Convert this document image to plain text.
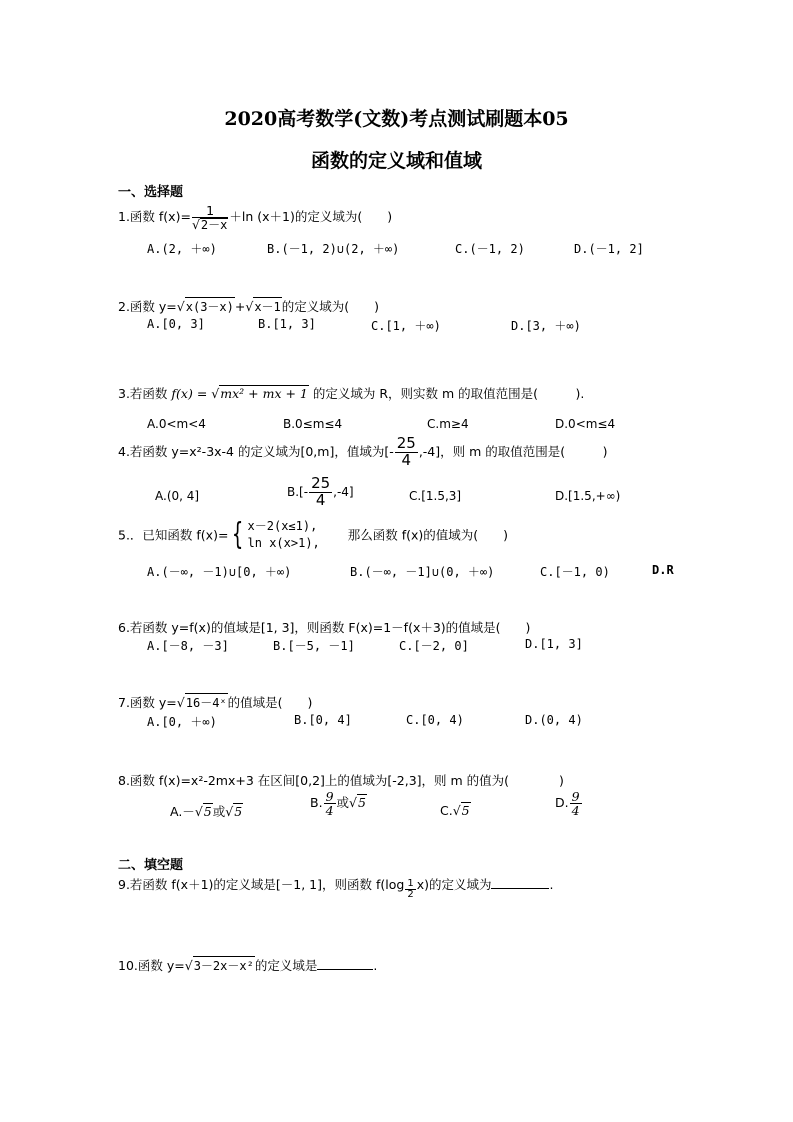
2020高考数学(文数)考点测试刷题本05
函数的定义域和值域
一、选择题
1.函数 $f(x)= \frac{1}{√2-x} +\ln$ (x＋1)的定义域为(　　)
A.(2, ＋∞)	B.(－1, 2)∪(2, ＋∞)	C.(－1, 2)	D.(－1, 2]
2.函数 y=√x(3－x)+√x－1的定义域为(　　)
A.[0, 3]	B.[1, 3]	C.[1, ＋∞)	D.[3, ＋∞)
3.若函数 f(x) = √mx² + mx + 1 的定义域为 R，则实数 m 的取值范围是(　　　).
A.0<m<4	B.0≤m≤4	C.m≥4	D.0<m≤4
4.若函数 y=x²-3x-4 的定义域为[0,m]，值域为[- $\frac{25}{4} ,-4$]，则 m 的取值范围是(　　　)
A.(0, 4]	$B.[- \frac{25}{4} ,-4]$	C.[1.5,3]	D.[1.5,+∞)
5.．已知函数 f(x)= { x－2(x≤1),
ln x(x>1), 那么函数 f(x)的值域为(　　)
A.(－∞, －1)∪[0, ＋∞)	B.(－∞, －1]∪(0, ＋∞)	C.[－1, 0)	D.R
6.若函数 y=f(x)的值域是[1, 3]，则函数 F(x)=1－f(x＋3)的值域是(　　)
A.[－8, －3]	B.[－5, －1]	C.[－2, 0]	D.[1, 3]
7.函数 y=√16－4ˣ的值域是(　　)
A.[0, ＋∞)	B.[0, 4]	C.[0, 4)	D.(0, 4)
8.函数 f(x)=x²-2mx+3 在区间[0,2]上的值域为[-2,3]，则 m 的值为(　　　　)
A.－√5或√5
B. $\frac{9}{4}$ 或√5
C.√5
D. $\frac{9}{4}$
二、填空题
9.若函数 f(x＋1)的定义域是[－1, 1]，则函数 $f(\log \frac{1}{2} x)$的定义域为	.
10.函数 y=√3－2x－x²的定义域是	.
